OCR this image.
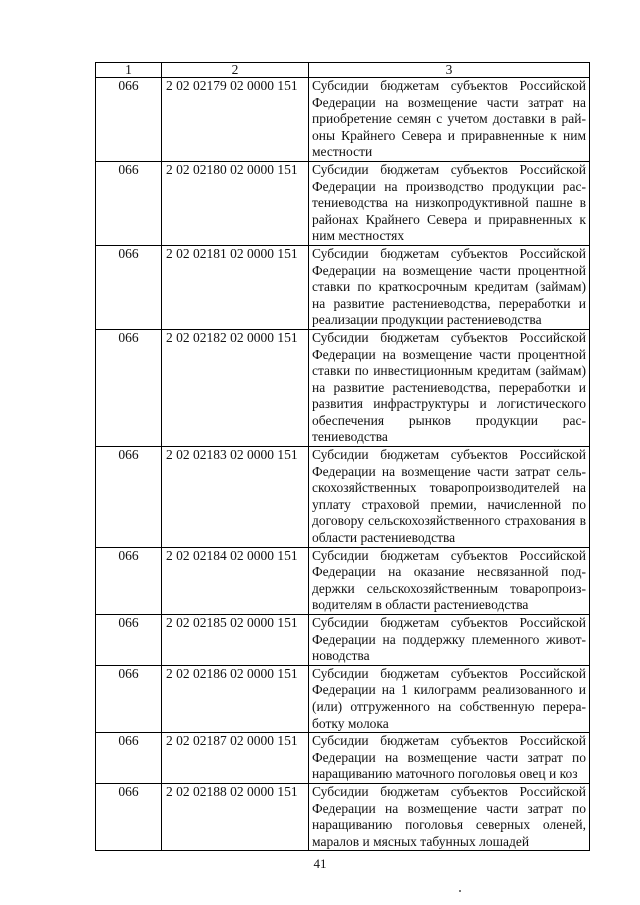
1	2	3
066	2 02 02179 02 0000 151	Субсидии бюджетам субъектов Российской Федерации на возмещение части затрат на приобретение семян с учетом доставки в районы Крайнего Севера и приравненные к ним местности
066	2 02 02180 02 0000 151	Субсидии бюджетам субъектов Российской Федерации на производство продукции растениеводства на низкопродуктивной пашне в районах Крайнего Севера и приравненных к ним местностях
066	2 02 02181 02 0000 151	Субсидии бюджетам субъектов Российской Федерации на возмещение части процентной ставки по краткосрочным кредитам (займам) на развитие растениеводства, переработки и реализации продукции растениеводства
066	2 02 02182 02 0000 151	Субсидии бюджетам субъектов Российской Федерации на возмещение части процентной ставки по инвестиционным кредитам (займам) на развитие растениеводства, переработки и развития инфраструктуры и логистического обеспечения рынков продукции растениеводства
066	2 02 02183 02 0000 151	Субсидии бюджетам субъектов Российской Федерации на возмещение части затрат сельскохозяйственных товаропроизводителей на уплату страховой премии, начисленной по договору сельскохозяйственного страхования в области растениеводства
066	2 02 02184 02 0000 151	Субсидии бюджетам субъектов Российской Федерации на оказание несвязанной поддержки сельскохозяйственным товаропроизводителям в области растениеводства
066	2 02 02185 02 0000 151	Субсидии бюджетам субъектов Российской Федерации на поддержку племенного животноводства
066	2 02 02186 02 0000 151	Субсидии бюджетам субъектов Российской Федерации на 1 килограмм реализованного и (или) отгруженного на собственную переработку молока
066	2 02 02187 02 0000 151	Субсидии бюджетам субъектов Российской Федерации на возмещение части затрат по наращиванию маточного поголовья овец и коз
066	2 02 02188 02 0000 151	Субсидии бюджетам субъектов Российской Федерации на возмещение части затрат по наращиванию поголовья северных оленей, маралов и мясных табунных лошадей
41
